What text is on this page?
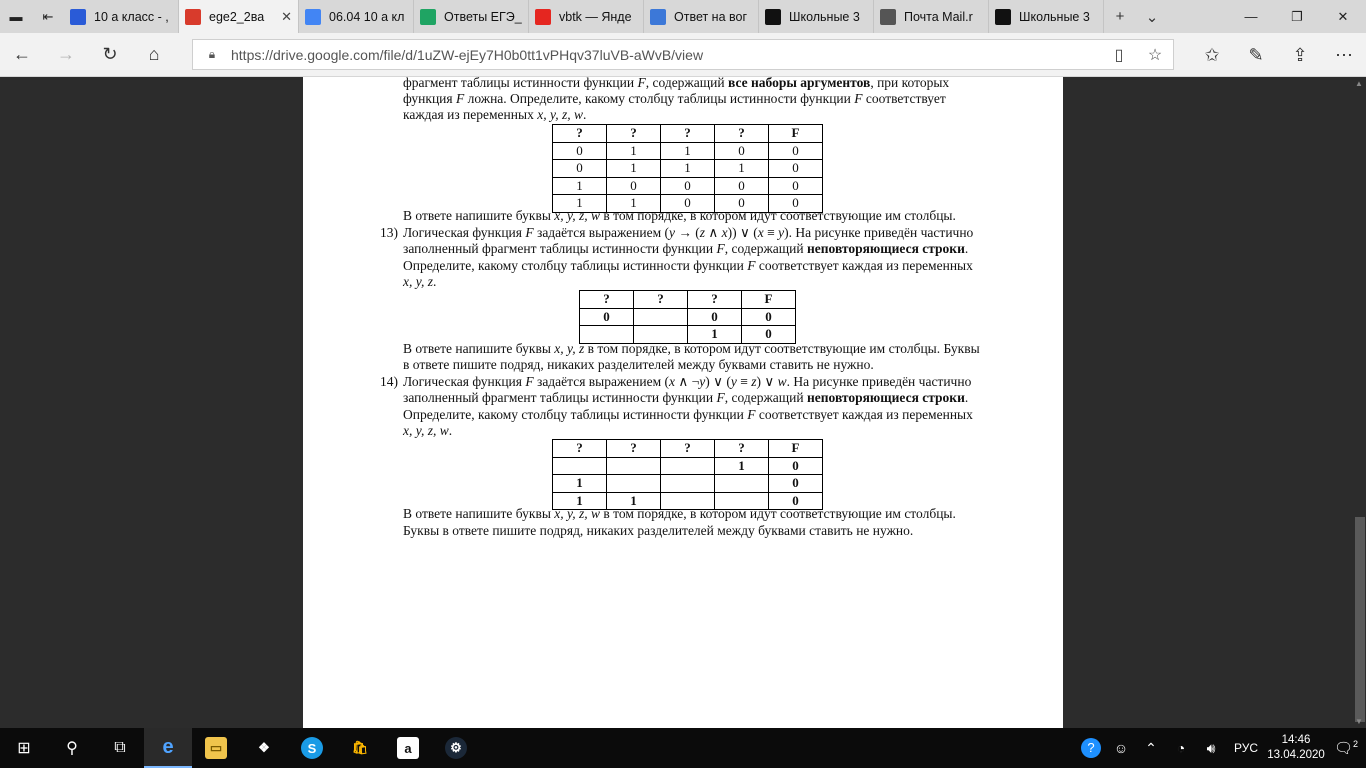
▬	⇤	10 а класс - ,	ege2_2ва	✕	06.04 10 а кл	Ответы ЕГЭ_	vbtk — Янде	Ответ на вог	Школьные 3	Почта Mail.r	Школьные 3	+	⌄	—	❐	✕
←	→	↻	⌂	🔒︎	https://drive.google.com/file/d/1uZW-ejEy7H0b0tt1vPHqv37luVB-aWvB/view	▯	☆	✩	✎	⇪	⋯
фрагмент таблицы истинности функции F, содержащий все наборы аргументов, при которых
функция F ложна. Определите, какому столбцу таблицы истинности функции F соответствует
каждая из переменных x, y, z, w.
?	?	?	?	F
0	1	1	0	0
0	1	1	1	0
1	0	0	0	0
1	1	0	0	0
В ответе напишите буквы x, y, z, w в том порядке, в котором идут соответствующие им столбцы.
13) Логическая функция F задаётся выражением (y → (z ∧ x)) ∨ (x ≡ y). На рисунке приведён частично
заполненный фрагмент таблицы истинности функции F, содержащий неповторяющиеся строки.
Определите, какому столбцу таблицы истинности функции F соответствует каждая из переменных
x, y, z.
?	?	?	F
0		0	0
		1	0
В ответе напишите буквы x, y, z в том порядке, в котором идут соответствующие им столбцы. Буквы
в ответе пишите подряд, никаких разделителей между буквами ставить не нужно.
14) Логическая функция F задаётся выражением (x ∧ ¬y) ∨ (y ≡ z) ∨ w. На рисунке приведён частично
заполненный фрагмент таблицы истинности функции F, содержащий неповторяющиеся строки.
Определите, какому столбцу таблицы истинности функции F соответствует каждая из переменных
x, y, z, w.
?	?	?	?	F
			1	0
1				0
1	1			0
В ответе напишите буквы x, y, z, w в том порядке, в котором идут соответствующие им столбцы.
Буквы в ответе пишите подряд, никаких разделителей между буквами ставить не нужно.
▲
▼
⊞	⚲	⧉	e	▭	❖	S	🛍︎	a	⚙	?	☺	⌃	◔	🔊︎	РУС
14:46
13.04.2020 🗨︎$^2$
